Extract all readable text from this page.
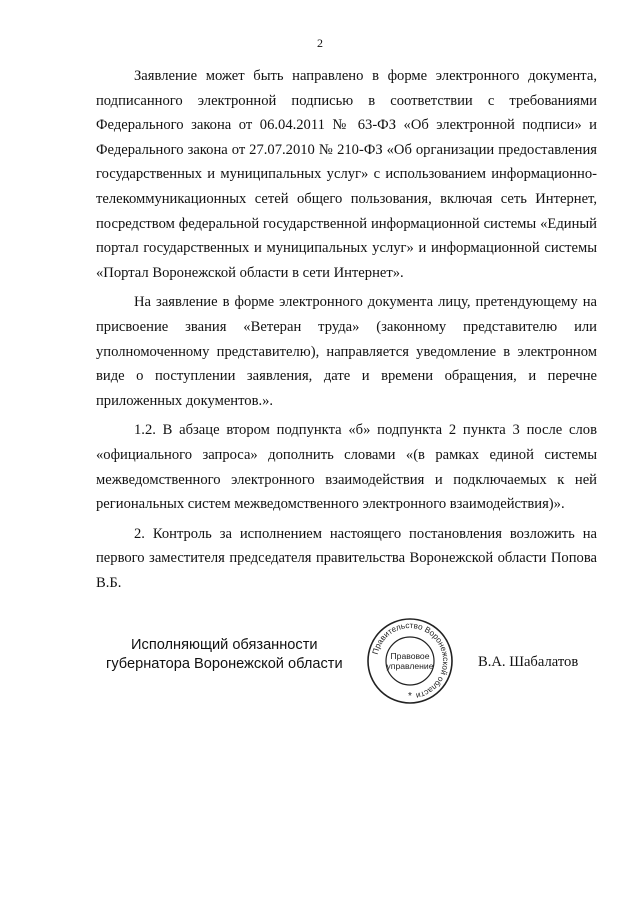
2

Заявление может быть направлено в форме электронного документа, подписанного электронной подписью в соответствии с требованиями Федерального закона от 06.04.2011 № 63-ФЗ «Об электронной подписи» и Федерального закона от 27.07.2010 № 210-ФЗ «Об организации предоставления государственных и муниципальных услуг» с использованием информационно-телекоммуникационных сетей общего пользования, включая сеть Интернет, посредством федеральной государственной информационной системы «Единый портал государственных и муниципальных услуг» и информационной системы «Портал Воронежской области в сети Интернет».

На заявление в форме электронного документа лицу, претендующему на присвоение звания «Ветеран труда» (законному представителю или уполномоченному представителю), направляется уведомление в электронном виде о поступлении заявления, дате и времени обращения, и перечне приложенных документов.».

1.2. В абзаце втором подпункта «б» подпункта 2 пункта 3 после слов «официального запроса» дополнить словами «(в рамках единой системы межведомственного электронного взаимодействия и подключаемых к ней региональных систем межведомственного электронного взаимодействия)».

2. Контроль за исполнением настоящего постановления возложить на первого заместителя председателя правительства Воронежской области Попова В.Б.

Исполняющий обязанности
губернатора Воронежской области
Правительство Воронежской области
Правовое
управление
*
В.А. Шабалатов
